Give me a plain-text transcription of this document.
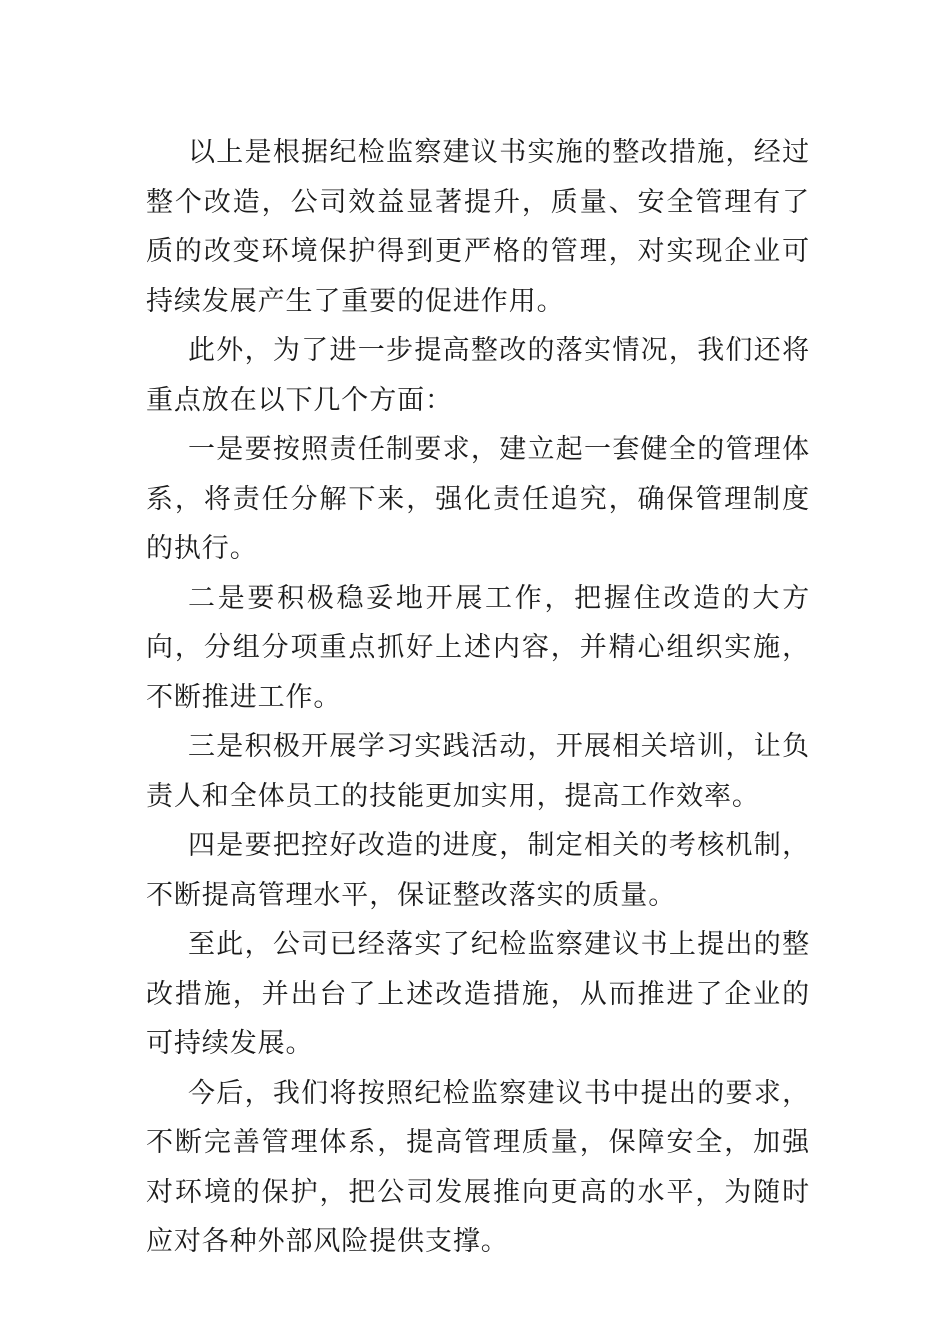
以上是根据纪检监察建议书实施的整改措施，经过整个改造，公司效益显著提升，质量、安全管理有了质的改变环境保护得到更严格的管理，对实现企业可持续发展产生了重要的促进作用。

此外，为了进一步提高整改的落实情况，我们还将重点放在以下几个方面：

一是要按照责任制要求，建立起一套健全的管理体系，将责任分解下来，强化责任追究，确保管理制度的执行。

二是要积极稳妥地开展工作，把握住改造的大方向，分组分项重点抓好上述内容，并精心组织实施，不断推进工作。

三是积极开展学习实践活动，开展相关培训，让负责人和全体员工的技能更加实用，提高工作效率。

四是要把控好改造的进度，制定相关的考核机制，不断提高管理水平，保证整改落实的质量。

至此，公司已经落实了纪检监察建议书上提出的整改措施，并出台了上述改造措施，从而推进了企业的可持续发展。

今后，我们将按照纪检监察建议书中提出的要求，不断完善管理体系，提高管理质量，保障安全，加强对环境的保护，把公司发展推向更高的水平，为随时应对各种外部风险提供支撑。
